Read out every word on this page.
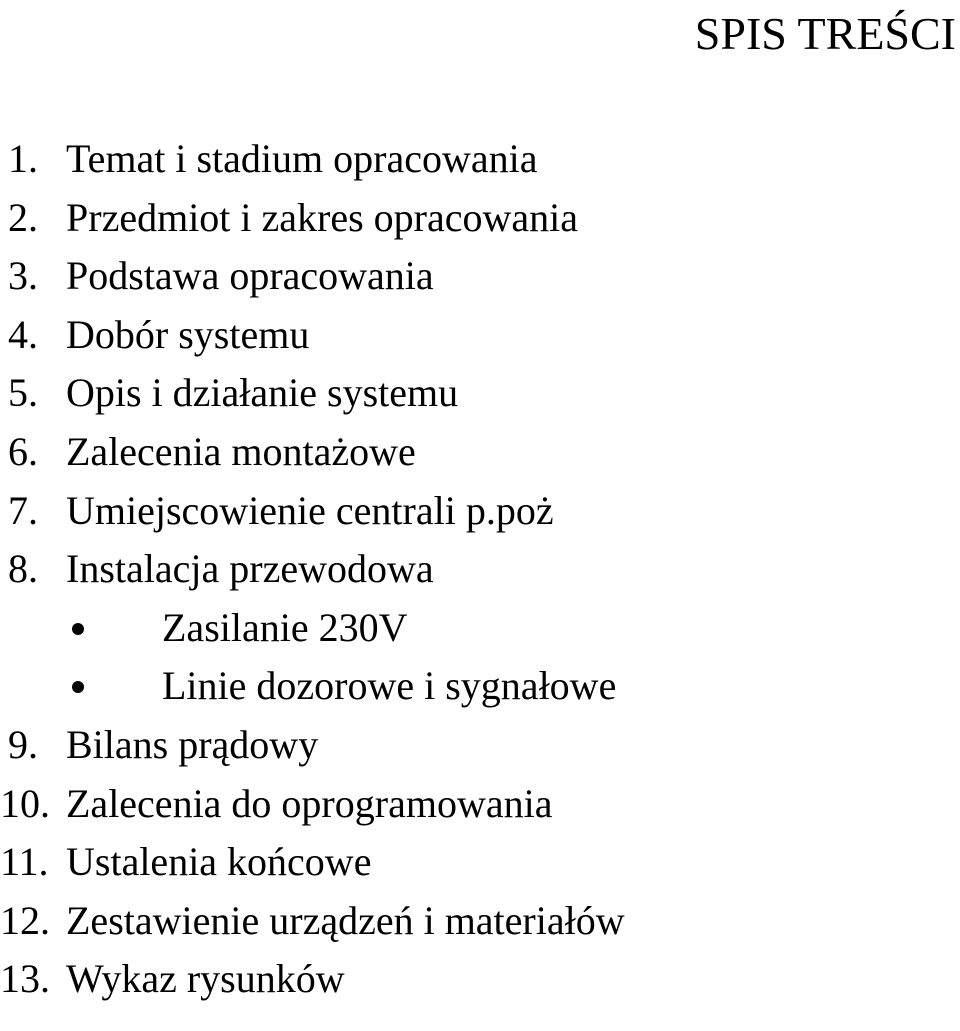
SPIS TREŚCI
1. Temat i stadium opracowania
2. Przedmiot i zakres opracowania
3. Podstawa opracowania
4. Dobór systemu
5. Opis i działanie systemu
6. Zalecenia montażowe
7. Umiejscowienie centrali p.poż
8. Instalacja przewodowa
Zasilanie 230V
Linie dozorowe i sygnałowe
9. Bilans prądowy
10. Zalecenia do oprogramowania
11. Ustalenia końcowe
12. Zestawienie urządzeń i materiałów
13. Wykaz rysunków
